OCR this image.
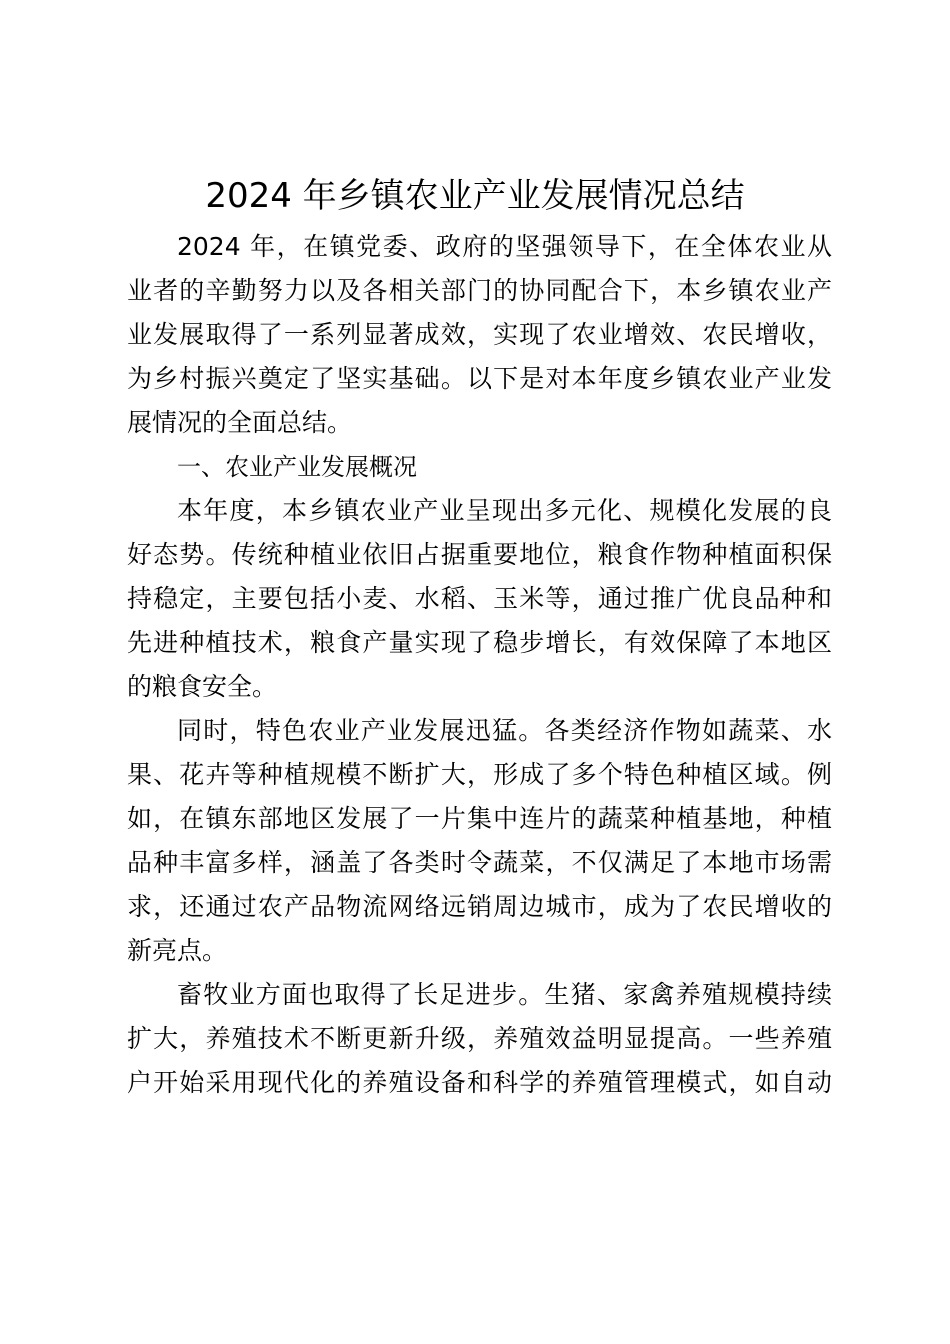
2024 年乡镇农业产业发展情况总结
2024 年，在镇党委、政府的坚强领导下，在全体农业从
业者的辛勤努力以及各相关部门的协同配合下，本乡镇农业产
业发展取得了一系列显著成效，实现了农业增效、农民增收，
为乡村振兴奠定了坚实基础。以下是对本年度乡镇农业产业发
展情况的全面总结。
一、农业产业发展概况
本年度，本乡镇农业产业呈现出多元化、规模化发展的良
好态势。传统种植业依旧占据重要地位，粮食作物种植面积保
持稳定，主要包括小麦、水稻、玉米等，通过推广优良品种和
先进种植技术，粮食产量实现了稳步增长，有效保障了本地区
的粮食安全。
同时，特色农业产业发展迅猛。各类经济作物如蔬菜、水
果、花卉等种植规模不断扩大，形成了多个特色种植区域。例
如，在镇东部地区发展了一片集中连片的蔬菜种植基地，种植
品种丰富多样，涵盖了各类时令蔬菜，不仅满足了本地市场需
求，还通过农产品物流网络远销周边城市，成为了农民增收的
新亮点。
畜牧业方面也取得了长足进步。生猪、家禽养殖规模持续
扩大，养殖技术不断更新升级，养殖效益明显提高。一些养殖
户开始采用现代化的养殖设备和科学的养殖管理模式，如自动
